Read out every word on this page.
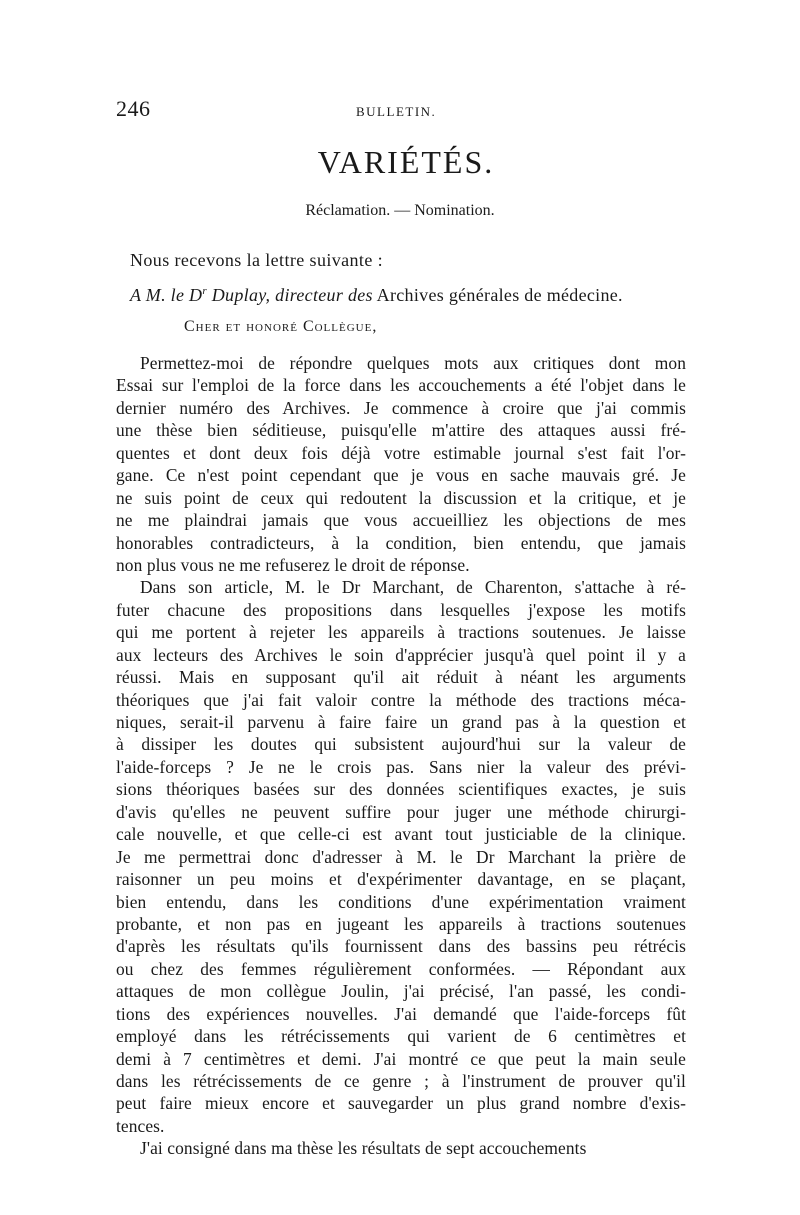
246	BULLETIN.
VARIÉTÉS.
Réclamation. — Nomination.
Nous recevons la lettre suivante :
A M. le $D^r$ Duplay, directeur des Archives générales de médecine.
Cher et honoré Collègue,
Permettez-moi de répondre quelques mots aux critiques dont mon
Essai sur l'emploi de la force dans les accouchements a été l'objet dans le
dernier numéro des Archives. Je commence à croire que j'ai commis
une thèse bien séditieuse, puisqu'elle m'attire des attaques aussi fré-
quentes et dont deux fois déjà votre estimable journal s'est fait l'or-
gane. Ce n'est point cependant que je vous en sache mauvais gré. Je
ne suis point de ceux qui redoutent la discussion et la critique, et je
ne me plaindrai jamais que vous accueilliez les objections de mes
honorables contradicteurs, à la condition, bien entendu, que jamais
non plus vous ne me refuserez le droit de réponse.
Dans son article, M. le Dr Marchant, de Charenton, s'attache à ré-
futer chacune des propositions dans lesquelles j'expose les motifs
qui me portent à rejeter les appareils à tractions soutenues. Je laisse
aux lecteurs des Archives le soin d'apprécier jusqu'à quel point il y a
réussi. Mais en supposant qu'il ait réduit à néant les arguments
théoriques que j'ai fait valoir contre la méthode des tractions méca-
niques, serait-il parvenu à faire faire un grand pas à la question et
à dissiper les doutes qui subsistent aujourd'hui sur la valeur de
l'aide-forceps ? Je ne le crois pas. Sans nier la valeur des prévi-
sions théoriques basées sur des données scientifiques exactes, je suis
d'avis qu'elles ne peuvent suffire pour juger une méthode chirurgi-
cale nouvelle, et que celle-ci est avant tout justiciable de la clinique.
Je me permettrai donc d'adresser à M. le Dr Marchant la prière de
raisonner un peu moins et d'expérimenter davantage, en se plaçant,
bien entendu, dans les conditions d'une expérimentation vraiment
probante, et non pas en jugeant les appareils à tractions soutenues
d'après les résultats qu'ils fournissent dans des bassins peu rétrécis
ou chez des femmes régulièrement conformées. — Répondant aux
attaques de mon collègue Joulin, j'ai précisé, l'an passé, les condi-
tions des expériences nouvelles. J'ai demandé que l'aide-forceps fût
employé dans les rétrécissements qui varient de 6 centimètres et
demi à 7 centimètres et demi. J'ai montré ce que peut la main seule
dans les rétrécissements de ce genre ; à l'instrument de prouver qu'il
peut faire mieux encore et sauvegarder un plus grand nombre d'exis-
tences.
J'ai consigné dans ma thèse les résultats de sept accouchements
